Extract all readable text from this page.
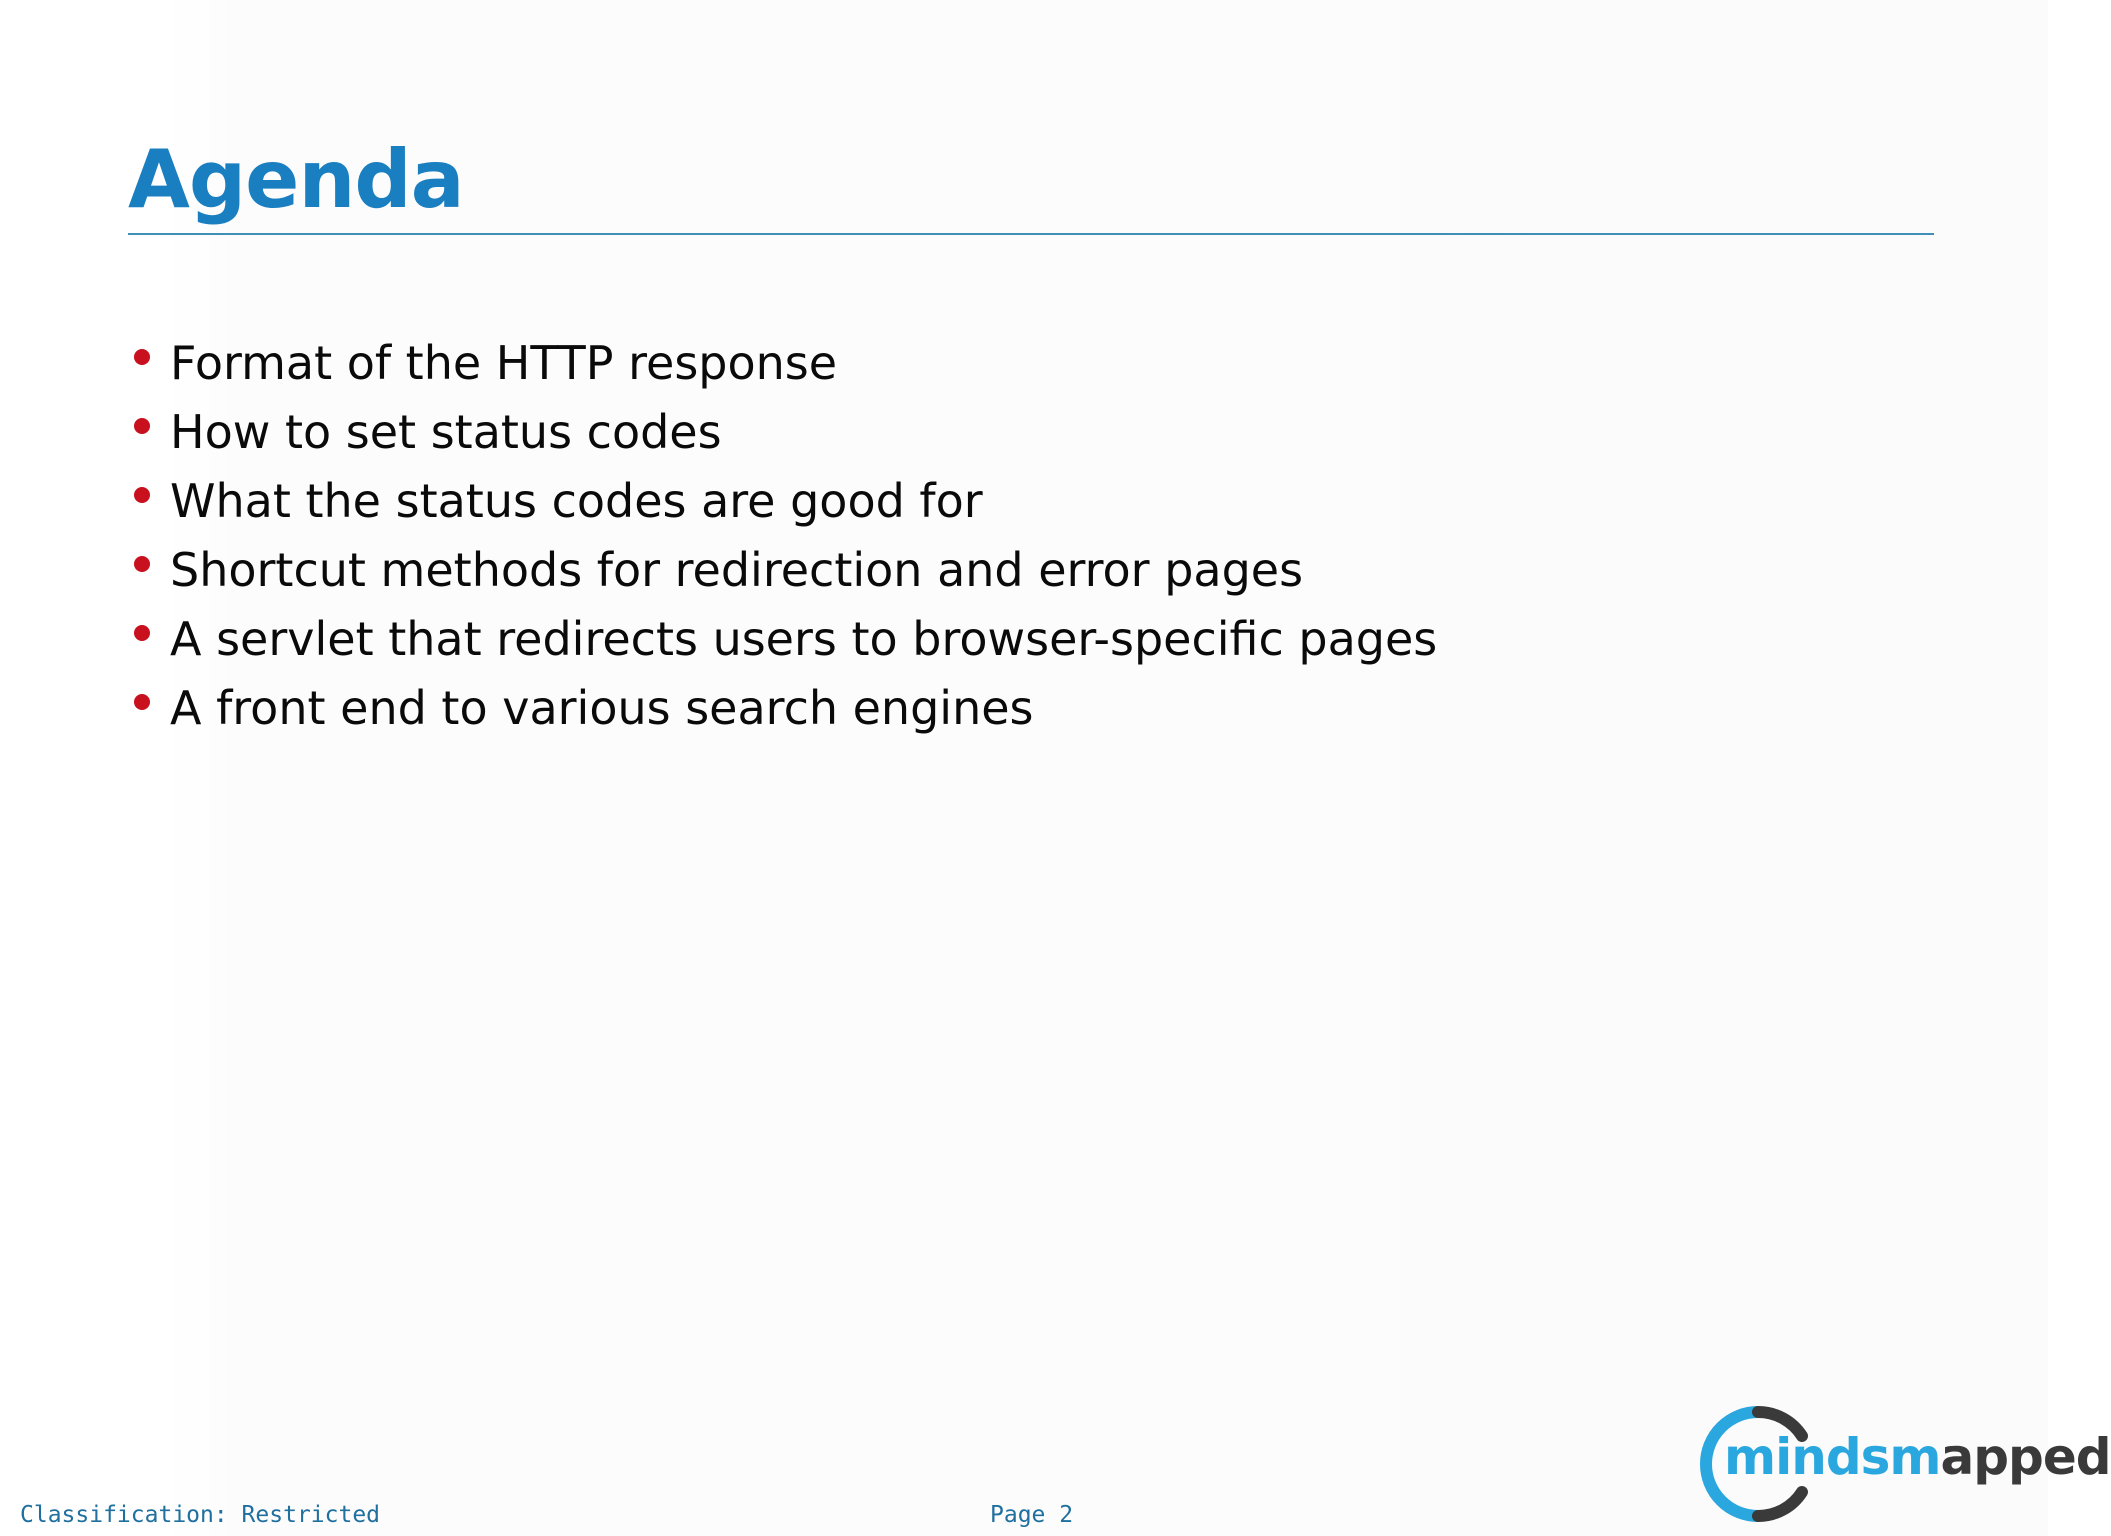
Agenda
Format of the HTTP response
How to set status codes
What the status codes are good for
Shortcut methods for redirection and error pages
A servlet that redirects users to browser-specific pages
A front end to various search engines
Classification: Restricted	Page 2
mindsmapped
